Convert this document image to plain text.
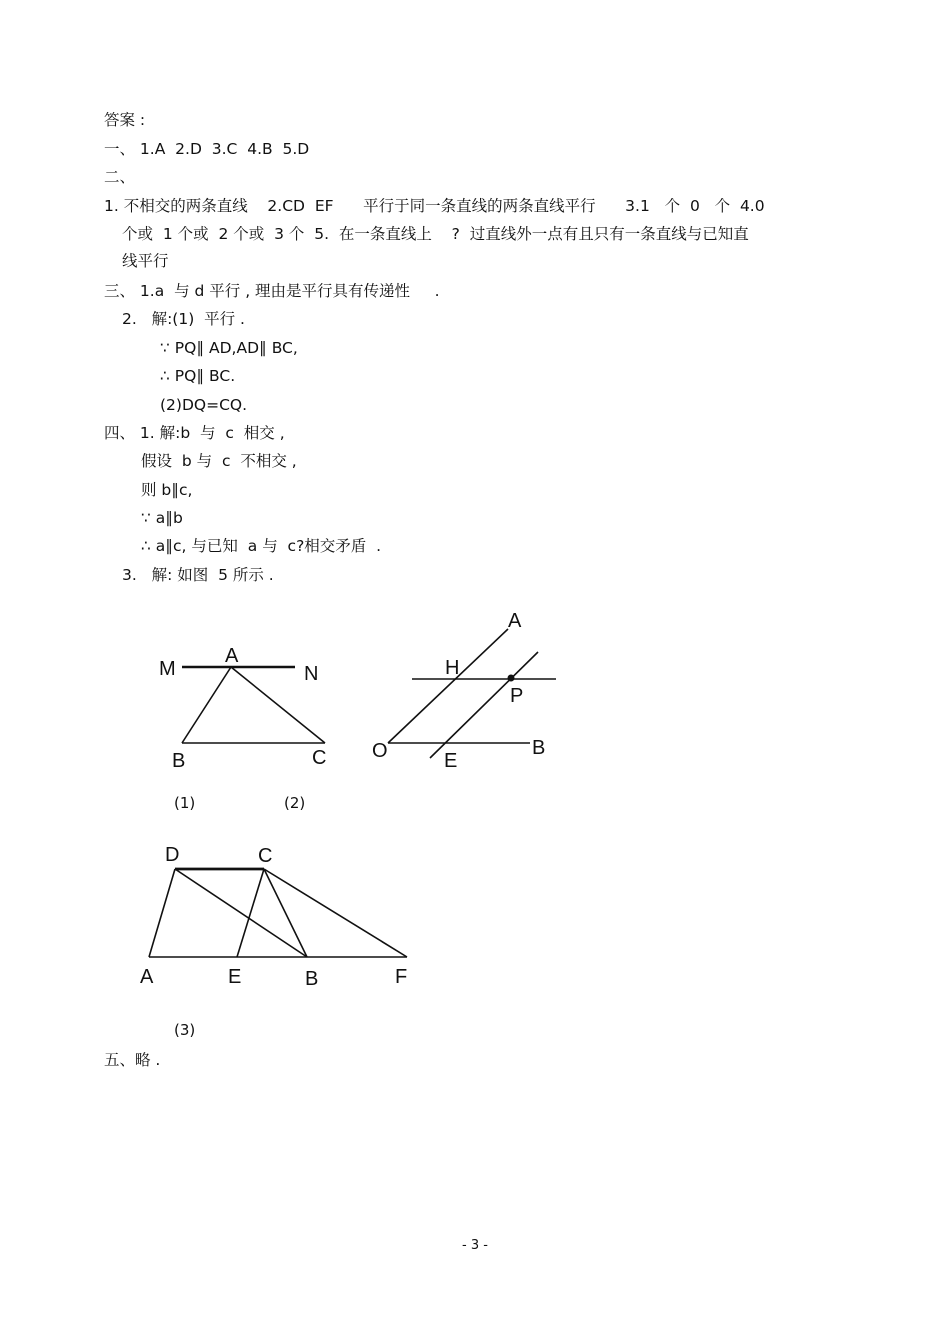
答案 :
一、 1.A  2.D  3.C  4.B  5.D
二、
1. 不相交的两条直线    2.CD  EF      平行于同一条直线的两条直线平行      3.1   个  0   个  4.0
个或  1 个或  2 个或  3 个  5.  在一条直线上    ?  过直线外一点有且只有一条直线与已知直
线平行
三、 1.a  与 d 平行 , 理由是平行具有传递性     .
2.   解:(1)  平行 .
∵ PQ∥ AD,AD∥ BC,
∴ PQ∥ BC.
(2)DQ=CQ.
四、 1. 解:b  与  c  相交 ,
假设  b 与  c  不相交 ,
则 b∥c,
∵ a∥b
∴ a∥c, 与已知  a 与  c?相交矛盾  .
3.   解: 如图  5 所示 .
M
A
N
B	C
A
H
P
O	E
B
(1)	(2)
D	C
A	E	B	F
(3)
五、略 .
- 3 -
